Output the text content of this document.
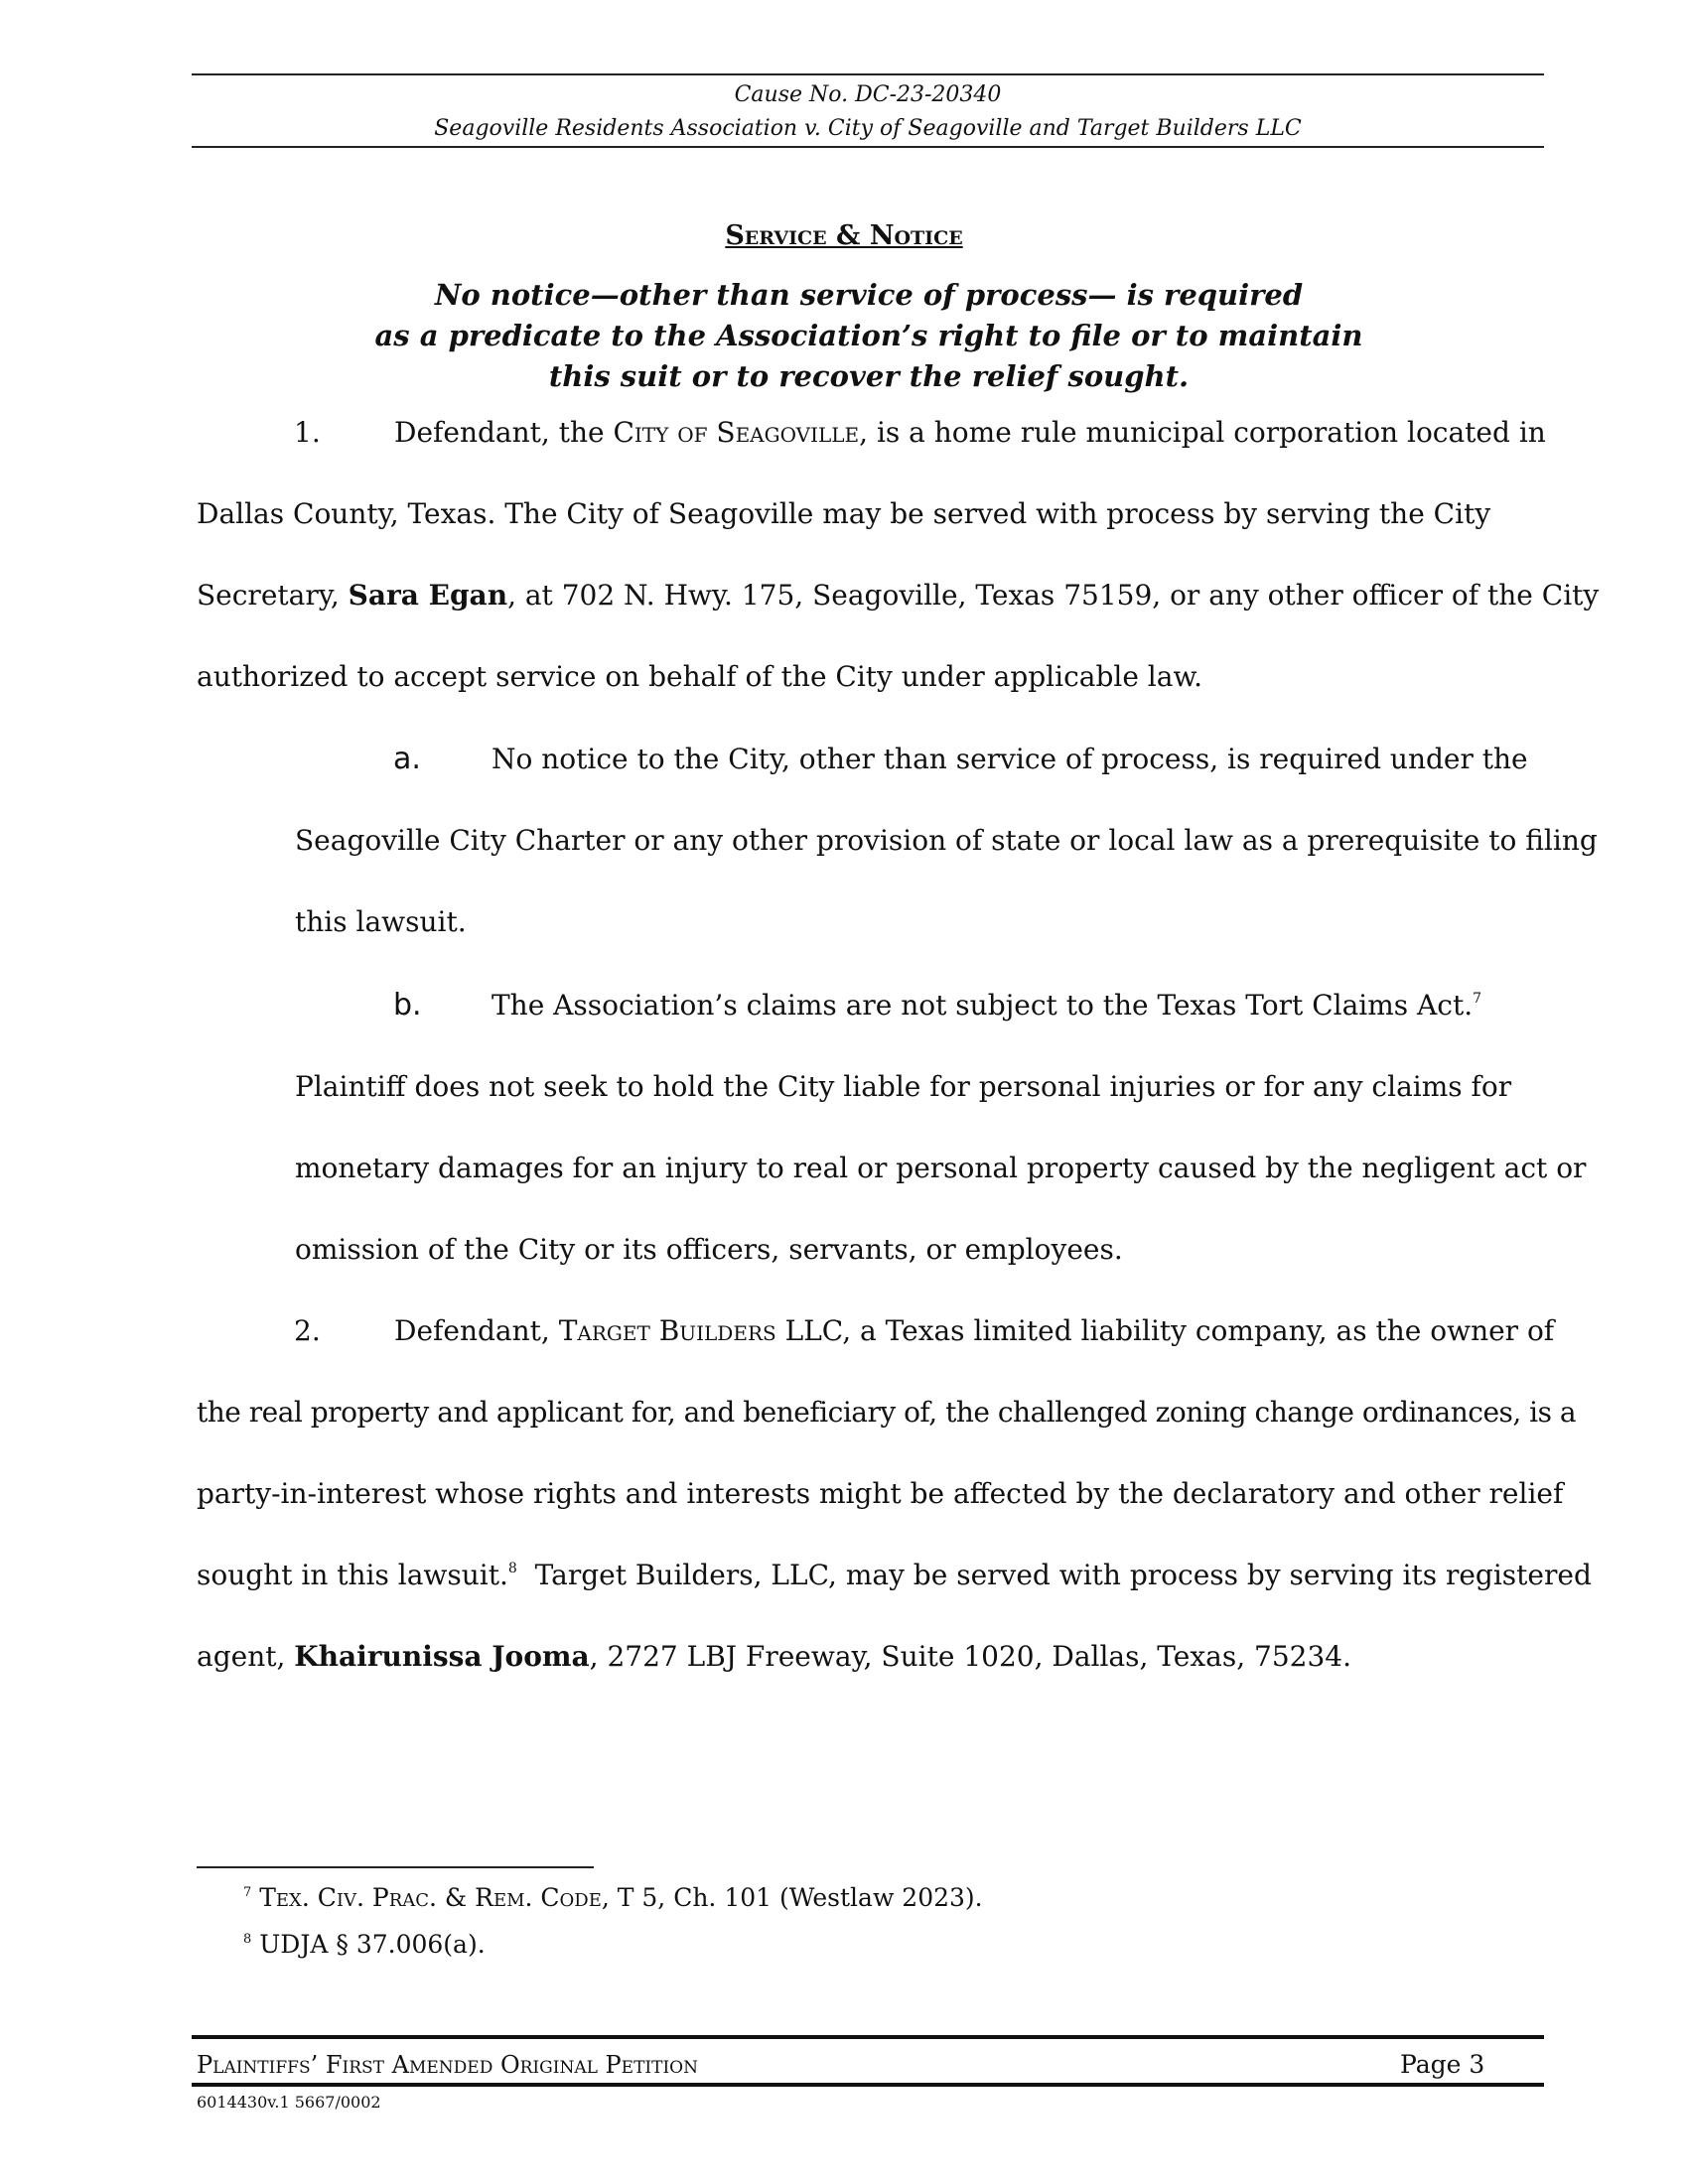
Cause No. DC-23-20340
Seagoville Residents Association v. City of Seagoville and Target Builders LLC
Service & Notice
No notice—other than service of process— is required
as a predicate to the Association’s right to file or to maintain
this suit or to recover the relief sought.
1.	Defendant, the City of Seagoville, is a home rule municipal corporation located in
Dallas County, Texas. The City of Seagoville may be served with process by serving the City
Secretary, Sara Egan, at 702 N. Hwy. 175, Seagoville, Texas 75159, or any other officer of the City
authorized to accept service on behalf of the City under applicable law.
a.	No notice to the City, other than service of process, is required under the
Seagoville City Charter or any other provision of state or local law as a prerequisite to filing
this lawsuit.
b.	The Association’s claims are not subject to the Texas Tort Claims Act.$^7$
Plaintiff does not seek to hold the City liable for personal injuries or for any claims for
monetary damages for an injury to real or personal property caused by the negligent act or
omission of the City or its officers, servants, or employees.
2.	Defendant, Target Builders LLC, a Texas limited liability company, as the owner of
the real property and applicant for, and beneficiary of, the challenged zoning change ordinances, is a
party-in-interest whose rights and interests might be affected by the declaratory and other relief
sought in this lawsuit.$^8$  Target Builders, LLC, may be served with process by serving its registered
agent, Khairunissa Jooma, 2727 LBJ Freeway, Suite 1020, Dallas, Texas, 75234.
$^7$ Tex. Civ. Prac. & Rem. Code, T 5, Ch. 101 (Westlaw 2023).
$^8$ UDJA § 37.006(a).
Plaintiffs’ First Amended Original Petition	Page 3
6014430v.1 5667/0002
